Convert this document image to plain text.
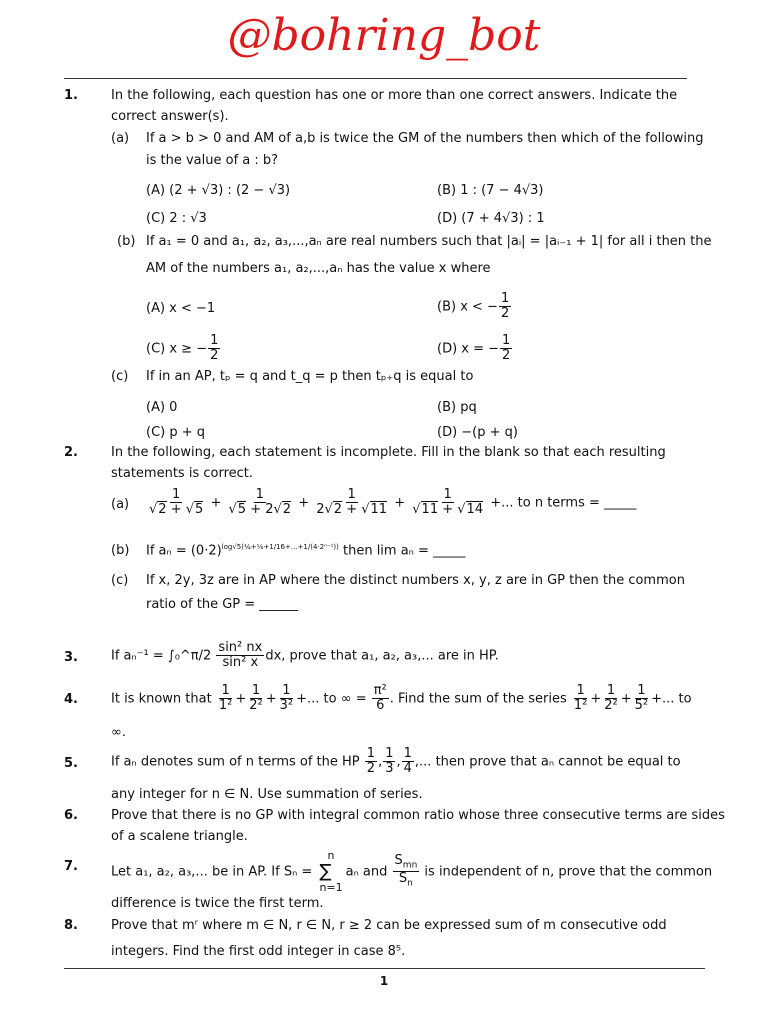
@bohring_bot
1.	In the following, each question has one or more than one correct answers. Indicate the
correct answer(s).
(a) If a > b > 0 and AM of a,b is twice the GM of the numbers then which of the following
is the value of a : b?
(A) (2 + √3) : (2 − √3)	(B) 1 : (7 − 4√3)
(C) 2 : √3	(D) (7 + 4√3) : 1
(b) If a₁ = 0 and a₁, a₂, a₃,...,aₙ are real numbers such that |aᵢ| = |aᵢ₋₁ + 1| for all i then the
AM of the numbers a₁, a₂,...,aₙ has the value x where
(A) x < −1	(B) x < − $\frac{1}{2}$
(C) x ≥ − $\frac{1}{2}$	(D) x = − $\frac{1}{2}$
(c) If in an AP, tₚ = q and t_q = p then tₚ₊q is equal to
(A) 0	(B) pq
(C) p + q	(D) −(p + q)
2.	In the following, each statement is incomplete. Fill in the blank so that each resulting
statements is correct.
$(a) \frac{1}{√2 + √5} + \frac{1}{√5 + 2√2} + \frac{1}{2√2 + √11} + \frac{1}{√11 + √14}$ +... to n terms = _____
(b) If $a_n = (0\cdot 2)^{log√5(\frac{1}{4}+\frac{1}{8}+1/16+...+1/(4\cdot 2^{n-1}))}$ then lim aₙ = _____
(c) If x, 2y, 3z are in AP where the distinct numbers x, y, z are in GP then the common
ratio of the GP = ______
3.	If aₙ⁻¹ = ∫₀^π/2 $\frac{\text{sin² nx}}{\text{sin² x}}$ dx, prove that a₁, a₂, a₃,... are in HP.
4.	It is known that $\frac{1}{\text{1²}} + \frac{1}{\text{2²}} + \frac{1}{\text{3²}}$ +... to ∞ = $\frac{\text{π²}}{6}$ . Find the sum of the series $\frac{1}{\text{1²}} + \frac{1}{\text{2²}} + \frac{1}{\text{5²}}$ +... to
∞.
5.	If aₙ denotes sum of n terms of the HP $\frac{1}{2}$ , $\frac{1}{3}$ , $\frac{1}{4}$ ,... then prove that aₙ cannot be equal to
any integer for n ∈ N. Use summation of series.
6.	Prove that there is no GP with integral common ratio whose three consecutive terms are sides
of a scalene triangle.
7.	Let a₁, a₂, a₃,... be in AP. If Sₙ =
n
∑
n=1
aₙ and $\frac{S_{mn}}{S_n}$ is independent of n, prove that the common
difference is twice the first term.
8.	Prove that mʳ where m ∈ N, r ∈ N, r ≥ 2 can be expressed sum of m consecutive odd
integers. Find the first odd integer in case 8⁵.
1
